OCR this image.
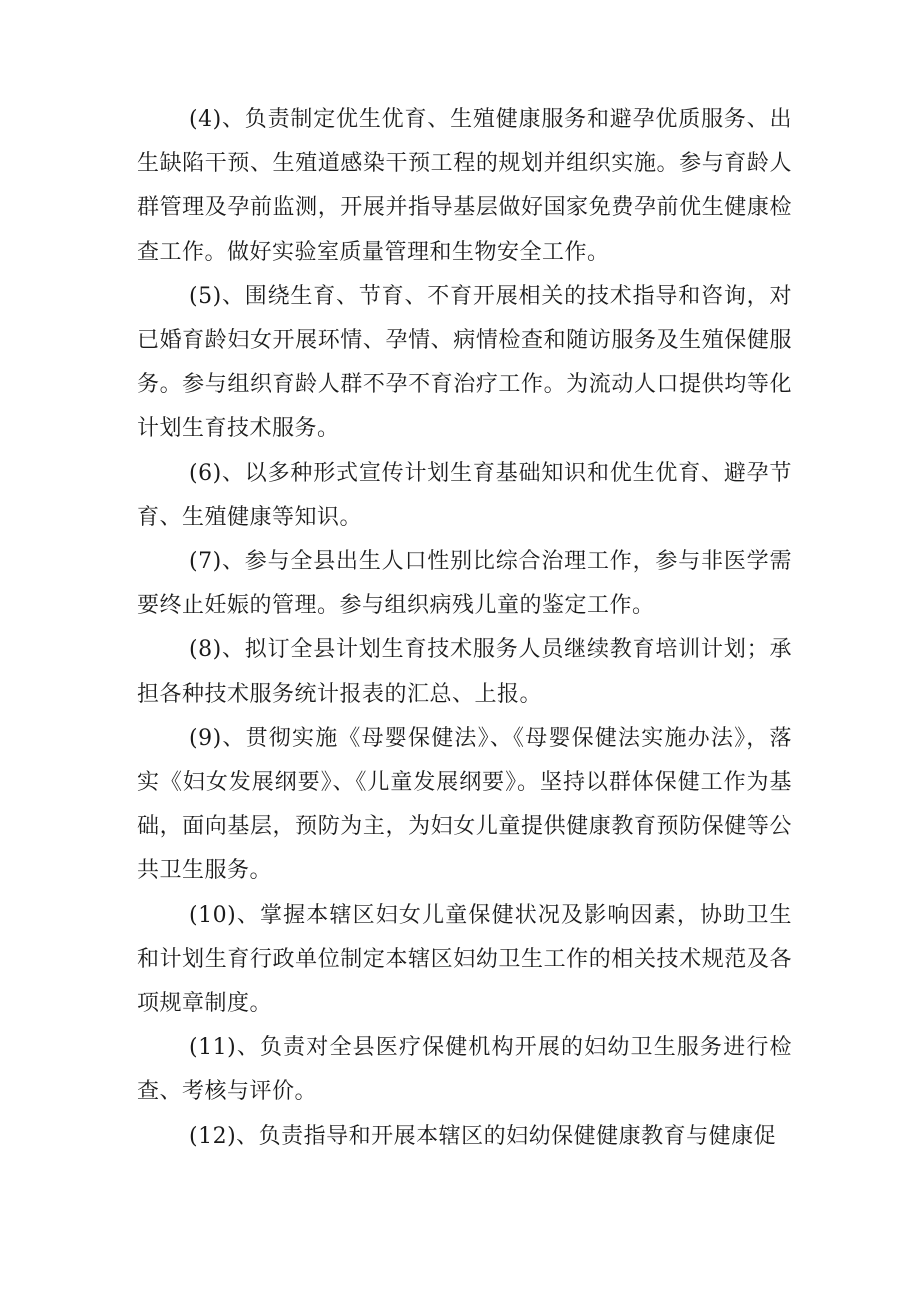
(4)、负责制定优生优育、生殖健康服务和避孕优质服务、出生缺陷干预、生殖道感染干预工程的规划并组织实施。参与育龄人群管理及孕前监测，开展并指导基层做好国家免费孕前优生健康检查工作。做好实验室质量管理和生物安全工作。

(5)、围绕生育、节育、不育开展相关的技术指导和咨询，对已婚育龄妇女开展环情、孕情、病情检查和随访服务及生殖保健服务。参与组织育龄人群不孕不育治疗工作。为流动人口提供均等化计划生育技术服务。

(6)、以多种形式宣传计划生育基础知识和优生优育、避孕节育、生殖健康等知识。

(7)、参与全县出生人口性别比综合治理工作，参与非医学需要终止妊娠的管理。参与组织病残儿童的鉴定工作。

(8)、拟订全县计划生育技术服务人员继续教育培训计划；承担各种技术服务统计报表的汇总、上报。

(9)、贯彻实施《母婴保健法》、《母婴保健法实施办法》，落实《妇女发展纲要》、《儿童发展纲要》。坚持以群体保健工作为基础，面向基层，预防为主，为妇女儿童提供健康教育预防保健等公共卫生服务。

(10)、掌握本辖区妇女儿童保健状况及影响因素，协助卫生和计划生育行政单位制定本辖区妇幼卫生工作的相关技术规范及各项规章制度。

(11)、负责对全县医疗保健机构开展的妇幼卫生服务进行检查、考核与评价。

(12)、负责指导和开展本辖区的妇幼保健健康教育与健康促
